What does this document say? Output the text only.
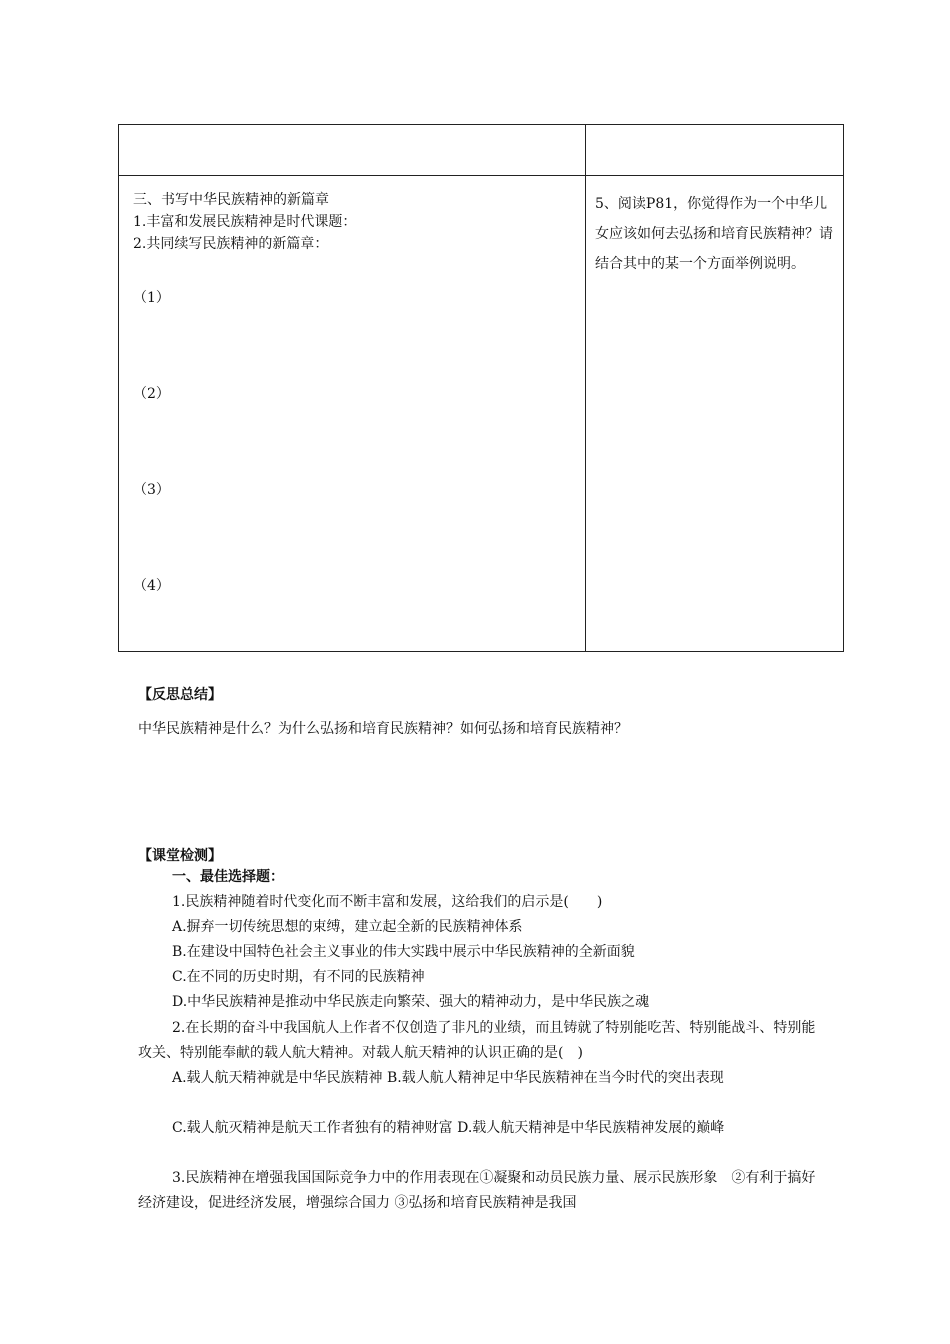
三、书写中华民族精神的新篇章
1.丰富和发展民族精神是时代课题：
2.共同续写民族精神的新篇章：
（1）
（2）
（3）
（4）
5、阅读P81，你觉得作为一个中华儿女应该如何去弘扬和培育民族精神？请结合其中的某一个方面举例说明。
【反思总结】
中华民族精神是什么？为什么弘扬和培育民族精神？如何弘扬和培育民族精神？
【课堂检测】
一、最佳选择题：
1.民族精神随着时代变化而不断丰富和发展，这给我们的启示是(　　)
A.摒弃一切传统思想的束缚，建立起全新的民族精神体系
B.在建设中国特色社会主义事业的伟大实践中展示中华民族精神的全新面貌
C.在不同的历史时期，有不同的民族精神
D.中华民族精神是推动中华民族走向繁荣、强大的精神动力，是中华民族之魂
2.在长期的奋斗中我国航人上作者不仅创造了非凡的业绩，而且铸就了特别能吃苦、特别能战斗、特别能攻关、特别能奉献的载人航大精神。对载人航天精神的认识正确的是(　)
A.载人航天精神就是中华民族精神 B.载人航人精神足中华民族精神在当今时代的突出表现
C.载人航灭精神是航天工作者独有的精神财富 D.载人航天精神是中华民族精神发展的巅峰
3.民族精神在增强我国国际竞争力中的作用表现在①凝聚和动员民族力量、展示民族形象　②有利于搞好经济建设，促进经济发展，增强综合国力 ③弘扬和培育民族精神是我国
